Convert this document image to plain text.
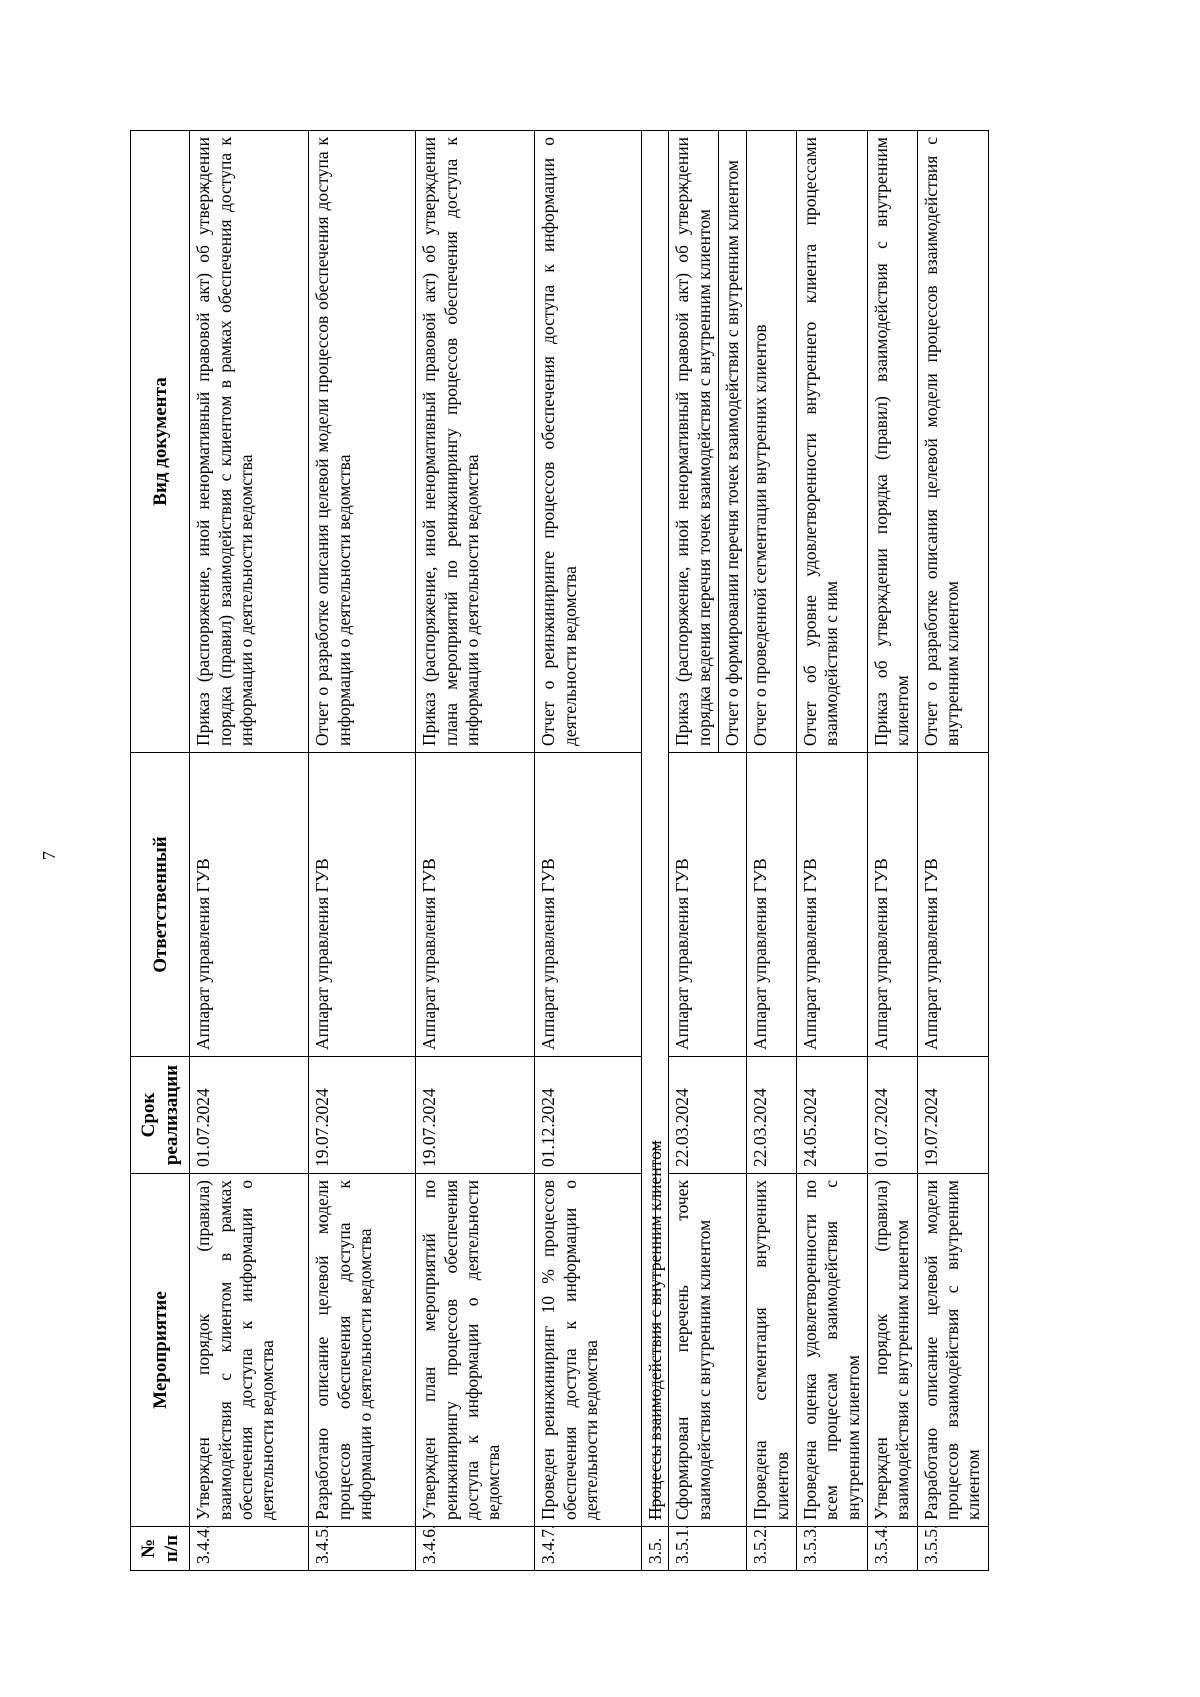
7
№ п/п	Мероприятие	Срок реализации	Ответственный	Вид документа
3.4.4.	Утвержден порядок (правила) взаимодействия с клиентом в рамках обеспечения доступа к информации о деятельности ведомства	01.07.2024	Аппарат управления ГУВ	Приказ (распоряжение, иной ненормативный правовой акт) об утверждении порядка (правил) взаимодействия с клиентом в рамках обеспечения доступа к информации о деятельности ведомства
3.4.5.	Разработано описание целевой модели процессов обеспечения доступа к информации о деятельности ведомства	19.07.2024	Аппарат управления ГУВ	Отчет о разработке описания целевой модели процессов обеспечения доступа к информации о деятельности ведомства
3.4.6.	Утвержден план мероприятий по реинжинирингу процессов обеспечения доступа к информации о деятельности ведомства	19.07.2024	Аппарат управления ГУВ	Приказ (распоряжение, иной ненормативный правовой акт) об утверждении плана мероприятий по реинжинирингу процессов обеспечения доступа к информации о деятельности ведомства
3.4.7.	Проведен реинжиниринг 10 % процессов обеспечения доступа к информации о деятельности ведомства	01.12.2024	Аппарат управления ГУВ	Отчет о реинжиниринге процессов обеспечения доступа к информации о деятельности ведомства
3.5.	Процессы взаимодействия с внутренним клиентом			
3.5.1.	Сформирован перечень точек взаимодействия с внутренним клиентом	22.03.2024	Аппарат управления ГУВ	Приказ (распоряжение, иной ненормативный правовой акт) об утверждении порядка ведения перечня точек взаимодействия с внутренним клиентом Отчет о формировании перечня точек взаимодействия с внутренним клиентом

3.5.2.	Проведена сегментация внутренних клиентов	22.03.2024	Аппарат управления ГУВ	Отчет о проведенной сегментации внутренних клиентов
3.5.3.	Проведена оценка удовлетворенности по всем процессам взаимодействия с внутренним клиентом	24.05.2024	Аппарат управления ГУВ	Отчет об уровне удовлетворенности внутреннего клиента процессами взаимодействия с ним
3.5.4.	Утвержден порядок (правила) взаимодействия с внутренним клиентом	01.07.2024	Аппарат управления ГУВ	Приказ об утверждении порядка (правил) взаимодействия с внутренним клиентом
3.5.5.	Разработано описание целевой модели процессов взаимодействия с внутренним клиентом	19.07.2024	Аппарат управления ГУВ	Отчет о разработке описания целевой модели процессов взаимодействия с внутренним клиентом
